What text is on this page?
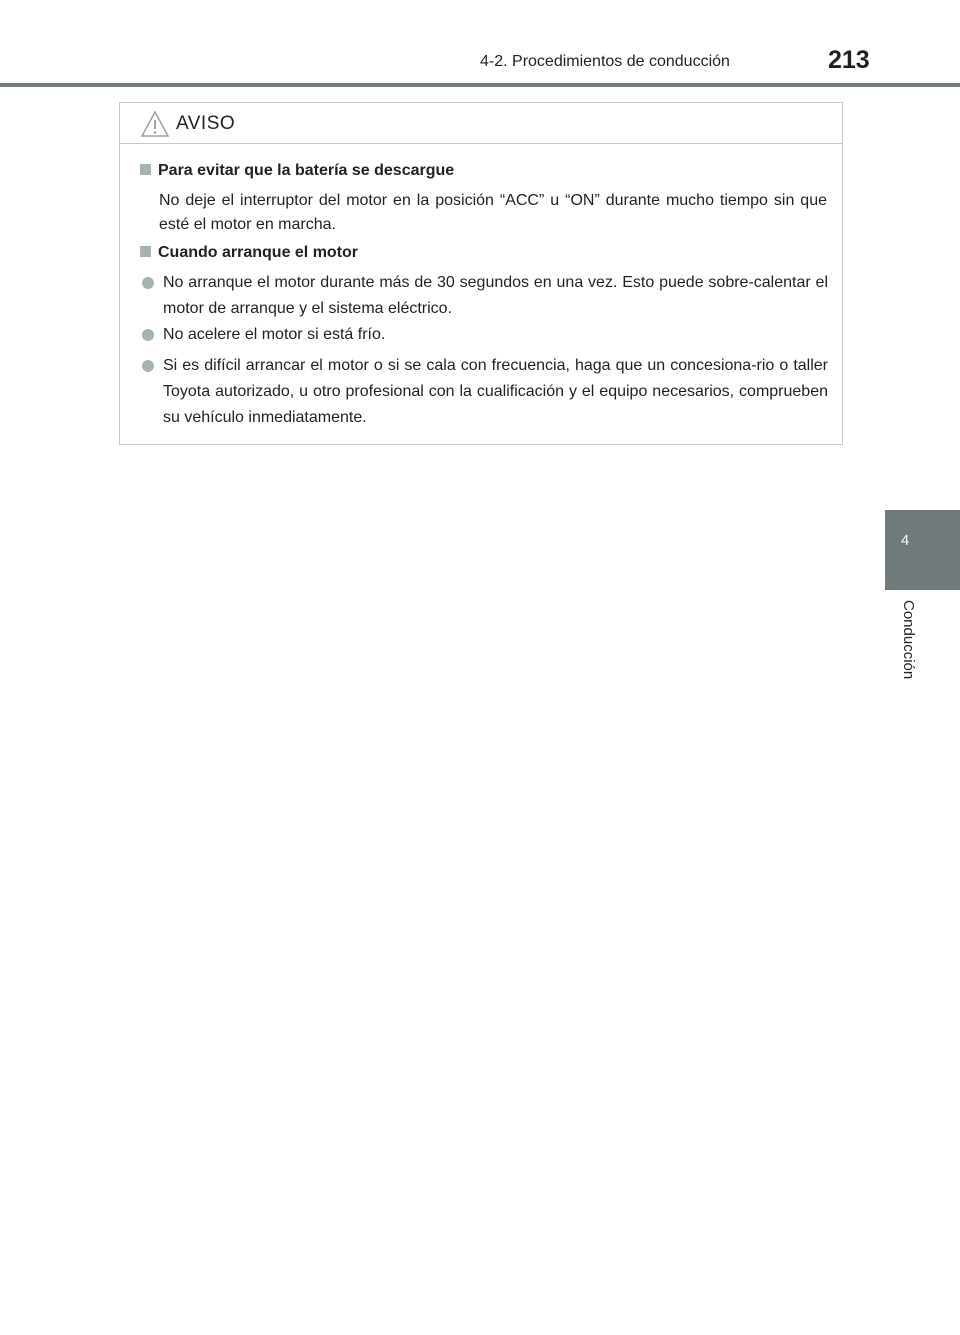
4-2. Procedimientos de conducción	213
4
Conducción
AVISO
Para evitar que la batería se descargue
No deje el interruptor del motor en la posición “ACC” u “ON” durante mucho tiempo sin que esté el motor en marcha.
Cuando arranque el motor
No arranque el motor durante más de 30 segundos en una vez. Esto puede sobre-calentar el motor de arranque y el sistema eléctrico.
No acelere el motor si está frío.
Si es difícil arrancar el motor o si se cala con frecuencia, haga que un concesiona-rio o taller Toyota autorizado, u otro profesional con la cualificación y el equipo necesarios, comprueben su vehículo inmediatamente.
